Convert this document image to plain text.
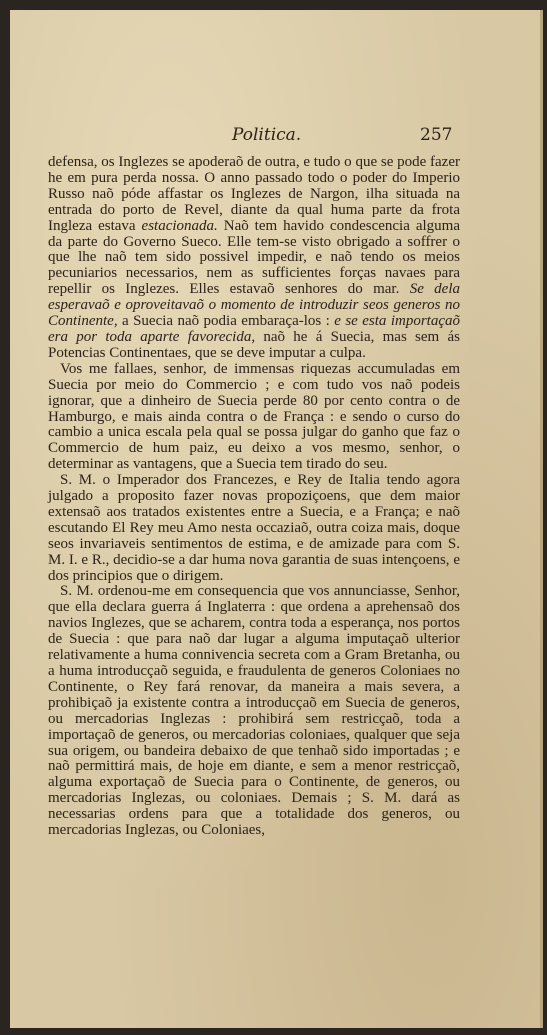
Politica.	257

defensa, os Inglezes se apoderaõ de outra, e tudo o que se pode fazer he em pura perda nossa. O anno passado todo o poder do Imperio Russo naõ póde affastar os Inglezes de Nargon, ilha situada na entrada do porto de Revel, diante da qual huma parte da frota Ingleza estava estacionada. Naõ tem havido condescencia alguma da parte do Governo Sueco. Elle tem-se visto obrigado a soffrer o que lhe naõ tem sido possivel impedir, e naõ tendo os meios pecuniarios necessarios, nem as sufficientes forças navaes para repellir os Inglezes. Elles estavaõ senhores do mar. Se dela esperavaõ e oproveitavaõ o momento de introduzir seos generos no Continente, a Suecia naõ podia embaraça-los : e se esta importaçaõ era por toda aparte favorecida, naõ he á Suecia, mas sem ás Potencias Continentaes, que se deve imputar a culpa.

Vos me fallaes, senhor, de immensas riquezas accumuladas em Suecia por meio do Commercio ; e com tudo vos naõ podeis ignorar, que a dinheiro de Suecia perde 80 por cento contra o de Hamburgo, e mais ainda contra o de França : e sendo o curso do cambio a unica escala pela qual se possa julgar do ganho que faz o Commercio de hum paiz, eu deixo a vos mesmo, senhor, o determinar as vantagens, que a Suecia tem tirado do seu.

S. M. o Imperador dos Francezes, e Rey de Italia tendo agora julgado a proposito fazer novas propoziçoens, que dem maior extensaõ aos tratados existentes entre a Suecia, e a França; e naõ escutando El Rey meu Amo nesta occaziaõ, outra coiza mais, doque seos invariaveis sentimentos de estima, e de amizade para com S. M. I. e R., decidio-se a dar huma nova garantia de suas intençoens, e dos principios que o dirigem.

S. M. ordenou-me em consequencia que vos annunciasse, Senhor, que ella declara guerra á Inglaterra : que ordena a aprehensaõ dos navios Inglezes, que se acharem, contra toda a esperança, nos portos de Suecia : que para naõ dar lugar a alguma imputaçaõ ulterior relativamente a huma connivencia secreta com a Gram Bretanha, ou a huma introducçaõ seguida, e fraudulenta de generos Coloniaes no Continente, o Rey fará renovar, da maneira a mais severa, a prohibiçaõ ja existente contra a introducçaõ em Suecia de generos, ou mercadorias Inglezas : prohibirá sem restricçaõ, toda a importaçaõ de generos, ou mercadorias coloniaes, qualquer que seja sua origem, ou bandeira debaixo de que tenhaõ sido importadas ; e naõ permittirá mais, de hoje em diante, e sem a menor restricçaõ, alguma exportaçaõ de Suecia para o Continente, de generos, ou mercadorias Inglezas, ou coloniaes. Demais ; S. M. dará as necessarias ordens para que a totalidade dos generos, ou mercadorias Inglezas, ou Coloniaes,
